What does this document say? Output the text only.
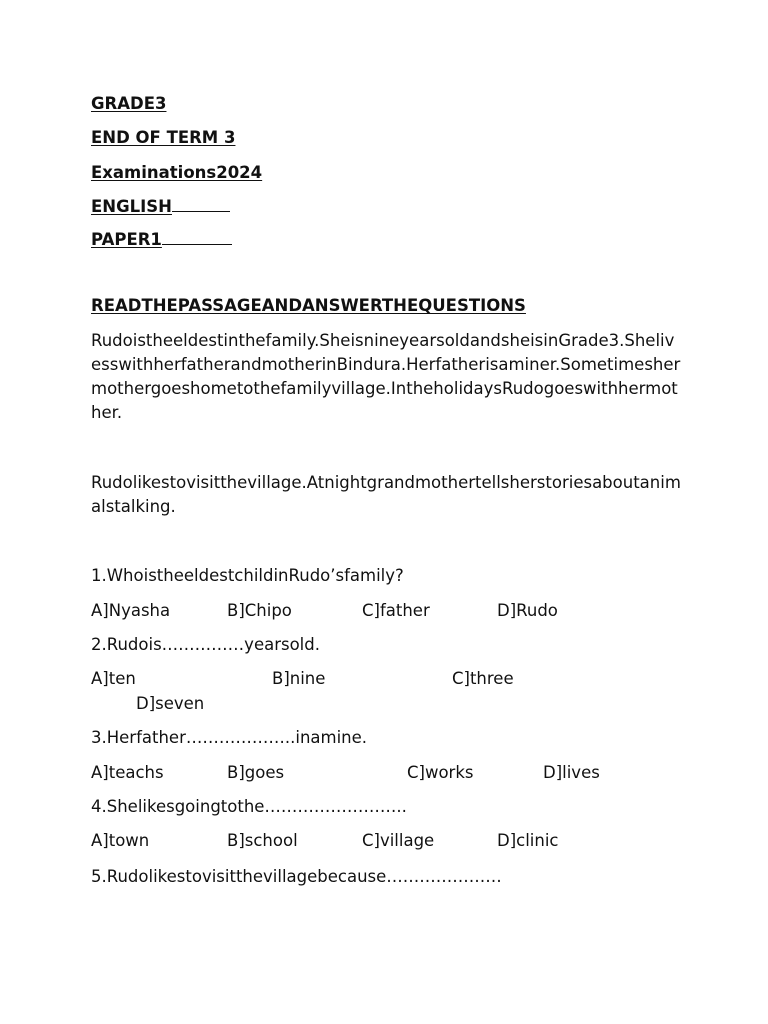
GRADE3
END OF TERM 3
Examinations2024
ENGLISH
PAPER1
READTHEPASSAGEANDANSWERTHEQUESTIONS
Rudoistheeldestinthefamily.SheisnineyearsoldandsheisinGrade3.ShelivesswithherfatherandmotherinBindura.Herfatherisaminer.Sometimeshermothergoeshometothefamilyvillage.IntheholidaysRudogoeswithhermother.
Rudolikestovisitthevillage.Atnightgrandmothertellsherstoriesaboutanimalstalking.
1.WhoistheeldestchildinRudo’sfamily?
A]Nyasha	B]Chipo	C]father	D]Rudo
2.Rudois……………yearsold.
A]ten	B]nine	C]three
D]seven
3.Herfather………………..inamine.
A]teachs	B]goes	C]works	D]lives
4.Shelikesgoingtothe……………………..
A]town	B]school	C]village	D]clinic
5.Rudolikestovisitthevillagebecause…………………
